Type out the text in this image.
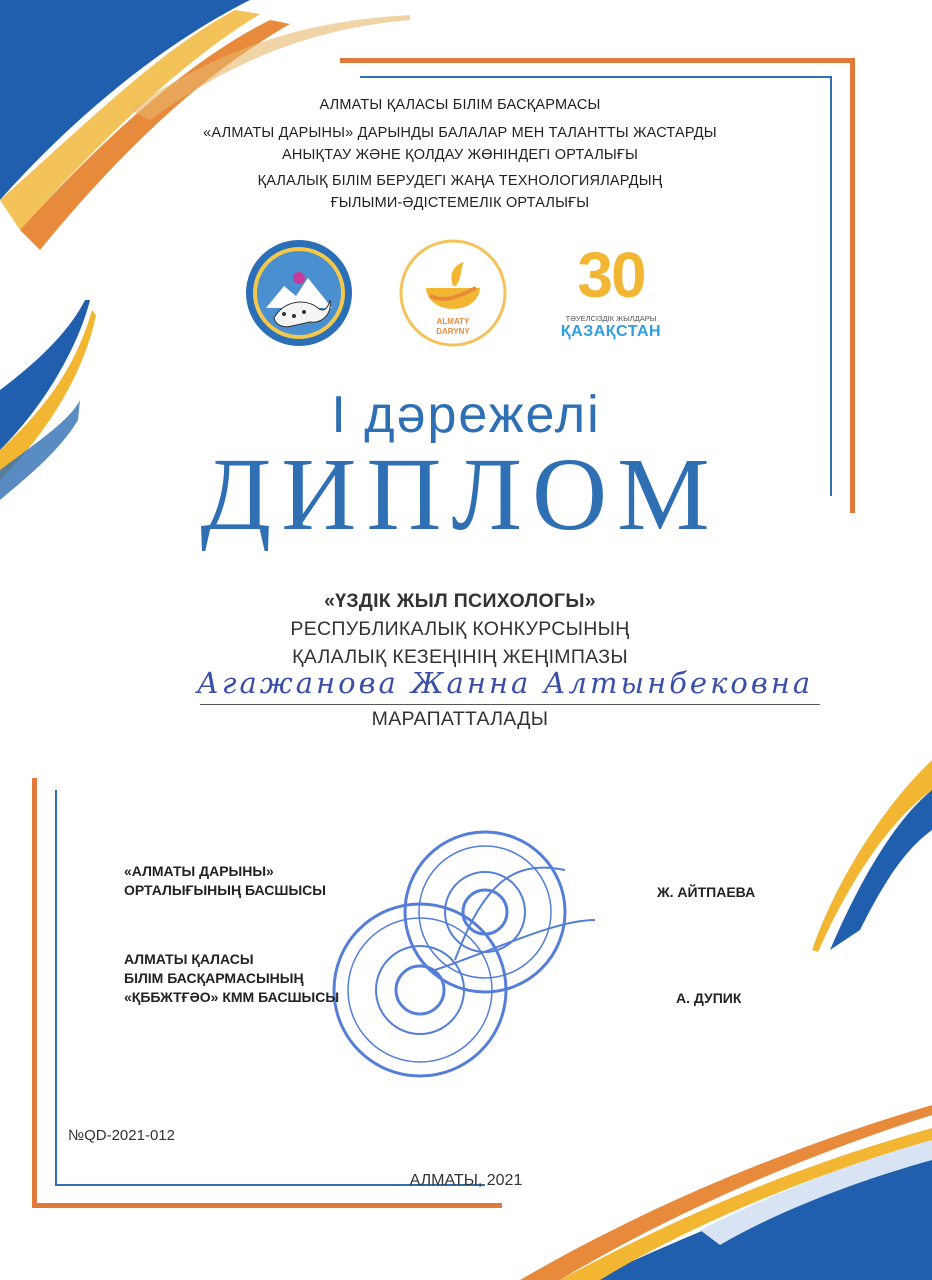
АЛМАТЫ ҚАЛАСЫ БІЛІМ БАСҚАРМАСЫ
«АЛМАТЫ ДАРЫНЫ» ДАРЫНДЫ БАЛАЛАР МЕН ТАЛАНТТЫ ЖАСТАРДЫ
АНЫҚТАУ ЖӘНЕ ҚОЛДАУ ЖӨНІНДЕГІ ОРТАЛЫҒЫ
ҚАЛАЛЫҚ БІЛІМ БЕРУДЕГІ ЖАҢА ТЕХНОЛОГИЯЛАРДЫҢ
ҒЫЛЫМИ-ӘДІСТЕМЕЛІК ОРТАЛЫҒЫ
ALMATY
DARYNY
30
ТӘУЕЛСІЗДІК ЖЫЛДАРЫ
ҚАЗАҚСТАН
I дәрежелі
ДИПЛОМ
«ҮЗДІК ЖЫЛ ПСИХОЛОГЫ»
РЕСПУБЛИКАЛЫҚ КОНКУРСЫНЫҢ
ҚАЛАЛЫҚ КЕЗЕҢІНІҢ ЖЕҢІМПАЗЫ
Агажанова Жанна Алтынбековна
МАРАПАТТАЛАДЫ
«АЛМАТЫ ДАРЫНЫ»
ОРТАЛЫҒЫНЫҢ БАСШЫСЫ	Ж. АЙТПАЕВА
АЛМАТЫ ҚАЛАСЫ
БІЛІМ БАСҚАРМАСЫНЫҢ
«ҚББЖТҒӘО» КММ БАСШЫСЫ	А. ДУПИК
№QD-2021-012
АЛМАТЫ, 2021
